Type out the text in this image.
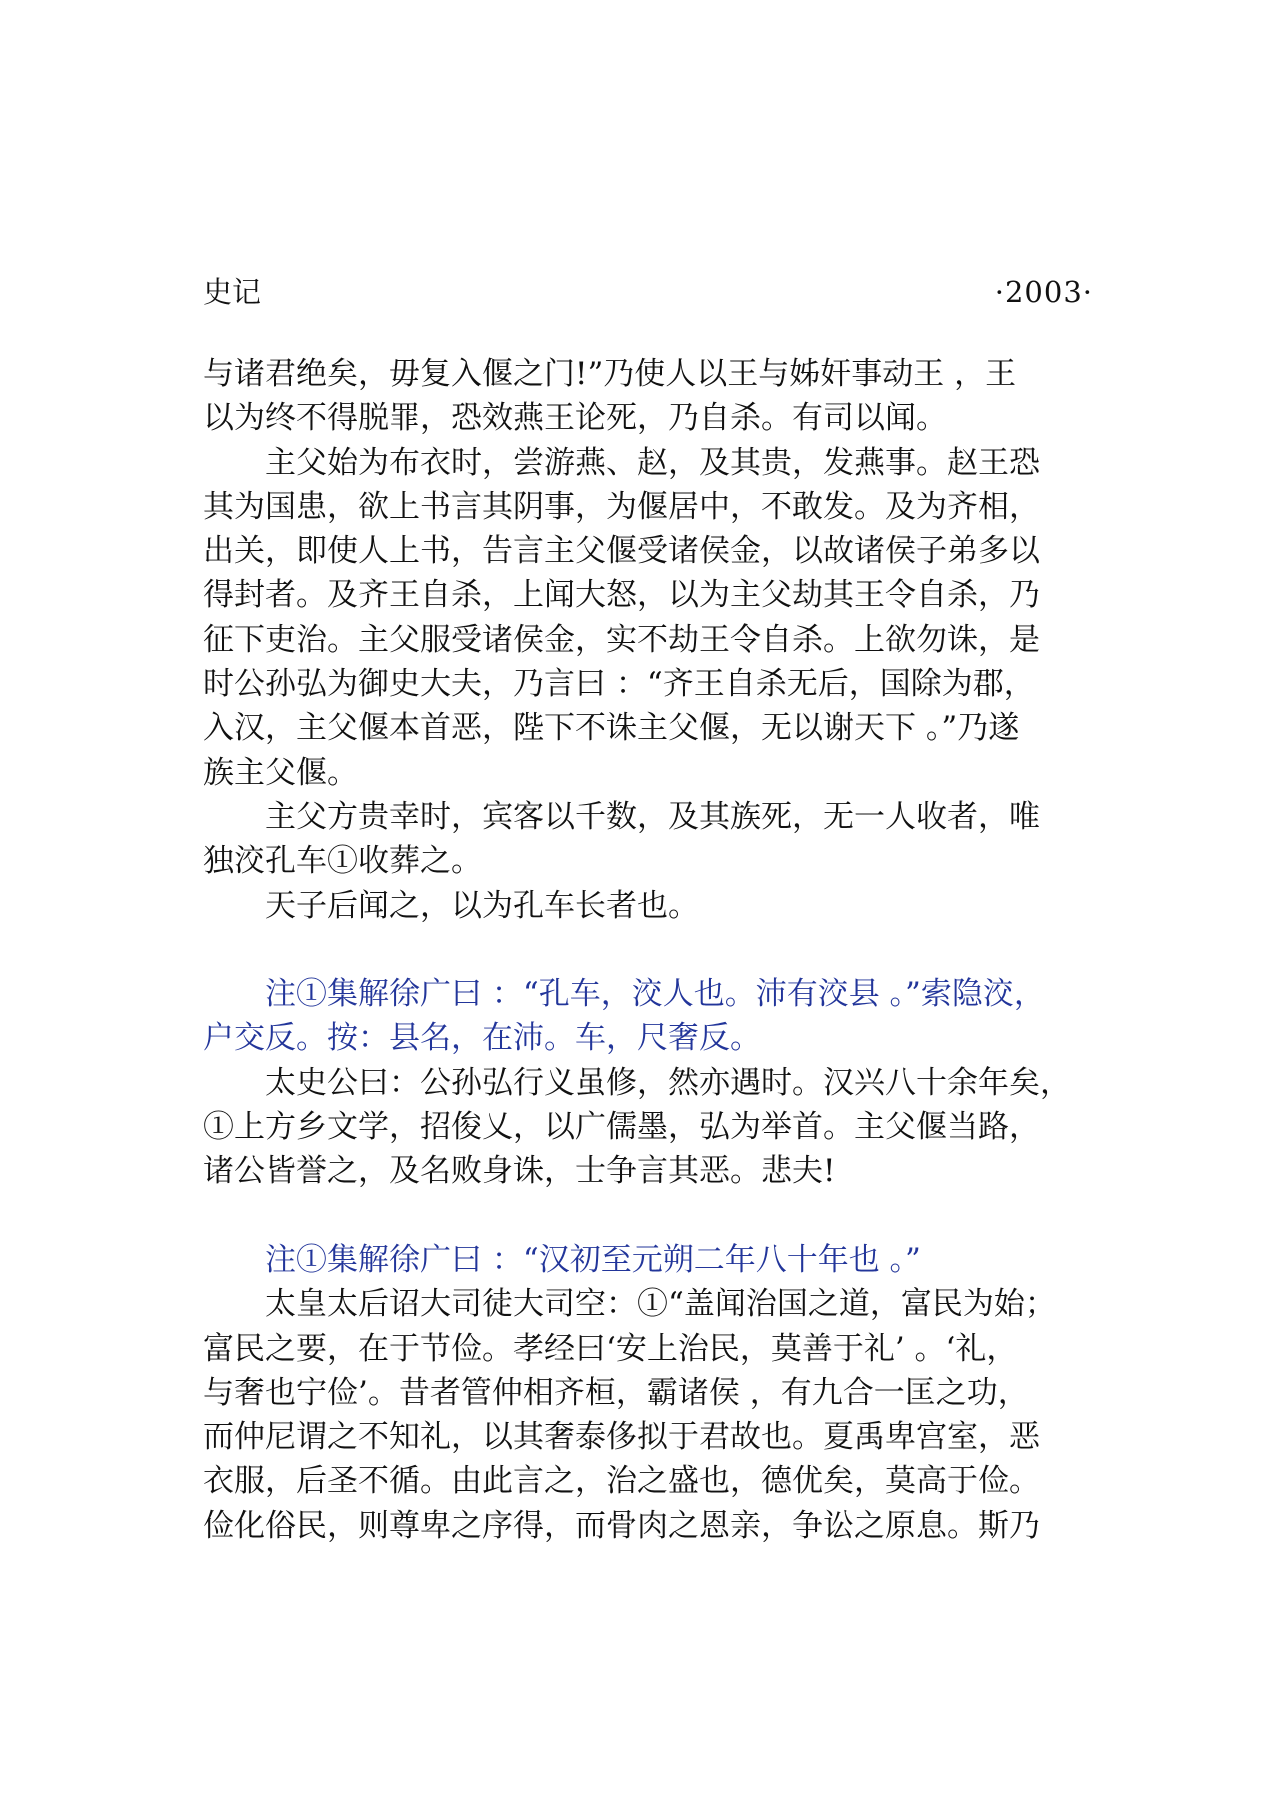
史记	·2003·
与诸君绝矣，毋复入偃之门!”乃使人以王与姊奸事动王 ，王
以为终不得脱罪，恐效燕王论死，乃自杀。有司以闻。
　　主父始为布衣时，尝游燕、赵，及其贵，发燕事。赵王恐
其为国患，欲上书言其阴事，为偃居中，不敢发。及为齐相，
出关，即使人上书，告言主父偃受诸侯金，以故诸侯子弟多以
得封者。及齐王自杀，上闻大怒，以为主父劫其王令自杀，乃
征下吏治。主父服受诸侯金，实不劫王令自杀。上欲勿诛，是
时公孙弘为御史大夫，乃言曰 ：“齐王自杀无后，国除为郡，
入汉，主父偃本首恶，陛下不诛主父偃，无以谢天下 。”乃遂
族主父偃。
　　主父方贵幸时，宾客以千数，及其族死，无一人收者，唯
独洨孔车①收葬之。
　　天子后闻之，以为孔车长者也。
　　注①集解徐广曰 ：“孔车，洨人也。沛有洨县 。”索隐洨，
户交反。按：县名，在沛。车，尺奢反。
　　太史公曰：公孙弘行义虽修，然亦遇时。汉兴八十余年矣，
①上方乡文学，招俊乂，以广儒墨，弘为举首。主父偃当路，
诸公皆誉之，及名败身诛，士争言其恶。悲夫!
　　注①集解徐广曰 ：“汉初至元朔二年八十年也 。”
　　太皇太后诏大司徒大司空：①“盖闻治国之道，富民为始；
富民之要，在于节俭。孝经曰‘安上治民，莫善于礼’ 。‘礼，
与奢也宁俭’。昔者管仲相齐桓，霸诸侯 ，有九合一匡之功，
而仲尼谓之不知礼，以其奢泰侈拟于君故也。夏禹卑宫室，恶
衣服，后圣不循。由此言之，治之盛也，德优矣，莫高于俭。
俭化俗民，则尊卑之序得，而骨肉之恩亲，争讼之原息。斯乃
